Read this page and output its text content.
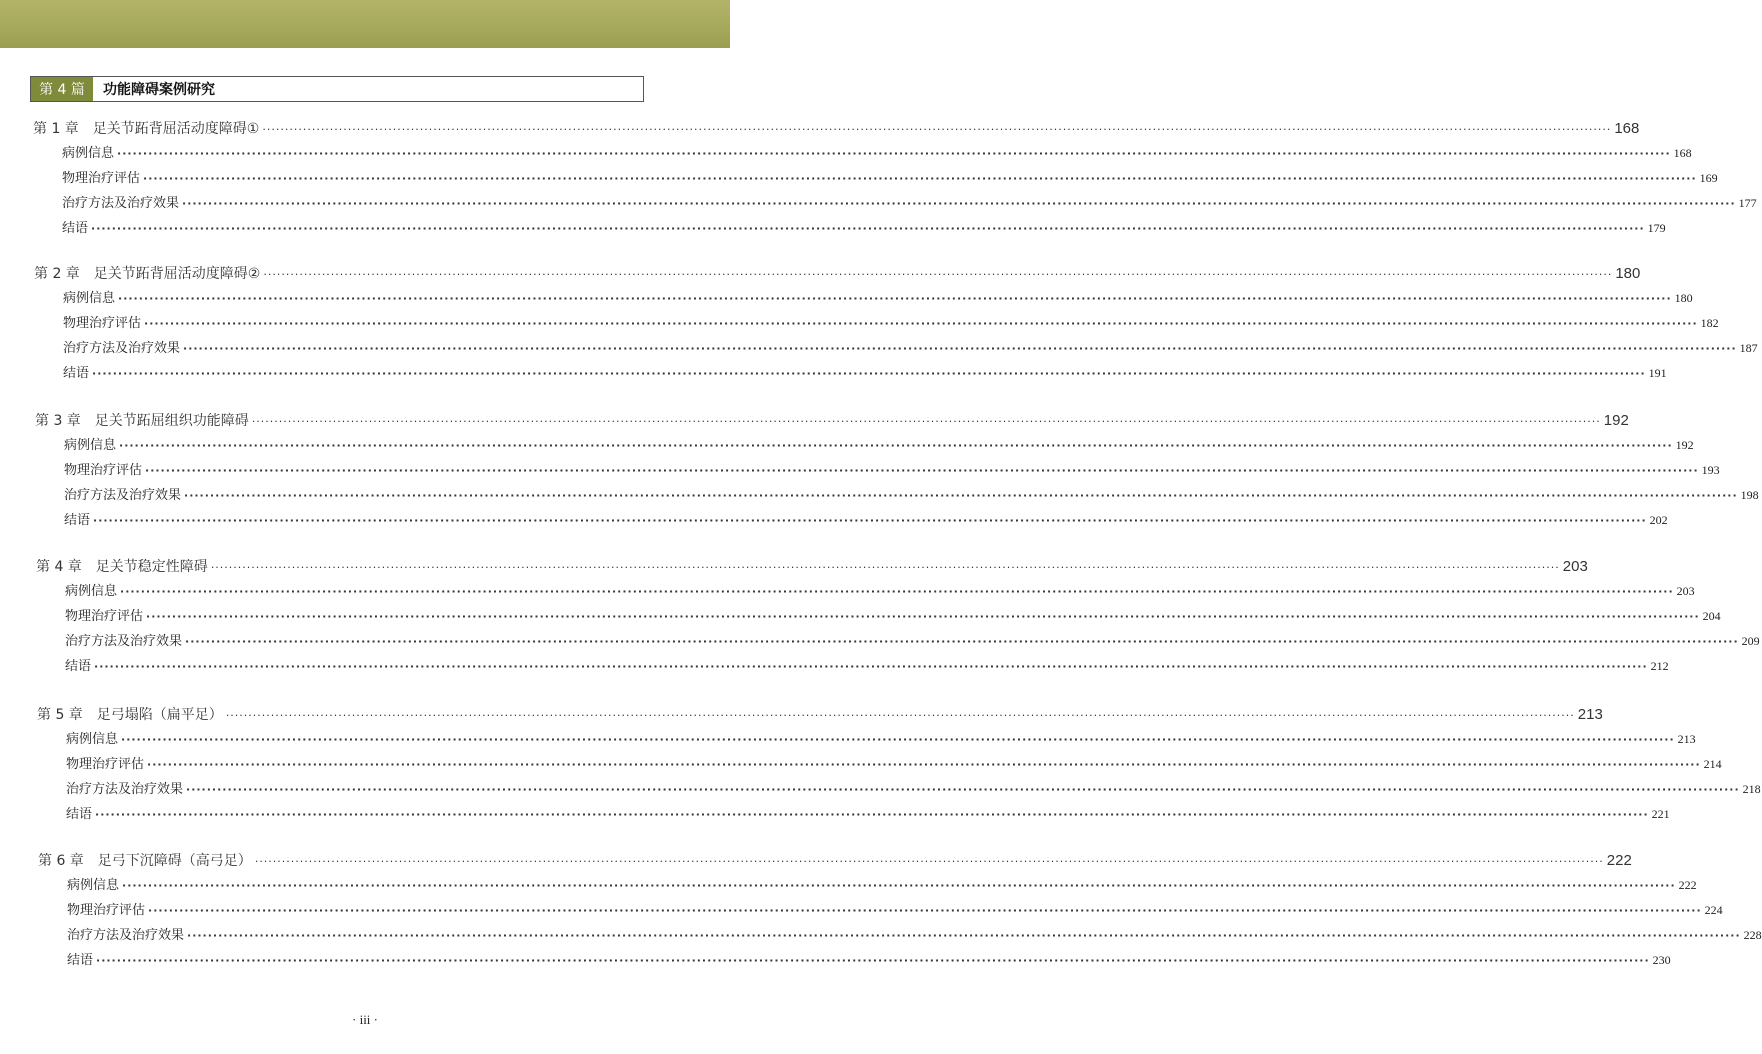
第 4 篇	功能障碍案例研究
第 1 章　足关节跖背屈活动度障碍① ············································································································································································································································································································ 168
病例信息 ············································································································································································································································································································ 168
物理治疗评估 ············································································································································································································································································································ 169
治疗方法及治疗效果 ············································································································································································································································································································ 177
结语 ············································································································································································································································································································ 179
第 2 章　足关节跖背屈活动度障碍② ············································································································································································································································································································ 180
病例信息 ············································································································································································································································································································ 180
物理治疗评估 ············································································································································································································································································································ 182
治疗方法及治疗效果 ············································································································································································································································································································ 187
结语 ············································································································································································································································································································ 191
第 3 章　足关节跖屈组织功能障碍 ············································································································································································································································································································ 192
病例信息 ············································································································································································································································································································ 192
物理治疗评估 ············································································································································································································································································································ 193
治疗方法及治疗效果 ············································································································································································································································································································ 198
结语 ············································································································································································································································································································ 202
第 4 章　足关节稳定性障碍 ············································································································································································································································································································ 203
病例信息 ············································································································································································································································································································ 203
物理治疗评估 ············································································································································································································································································································ 204
治疗方法及治疗效果 ············································································································································································································································································································ 209
结语 ············································································································································································································································································································ 212
第 5 章　足弓塌陷（扁平足） ············································································································································································································································································································ 213
病例信息 ············································································································································································································································································································ 213
物理治疗评估 ············································································································································································································································································································ 214
治疗方法及治疗效果 ············································································································································································································································································································ 218
结语 ············································································································································································································································································································ 221
第 6 章　足弓下沉障碍（高弓足） ············································································································································································································································································································ 222
病例信息 ············································································································································································································································································································ 222
物理治疗评估 ············································································································································································································································································································ 224
治疗方法及治疗效果 ············································································································································································································································································································ 228
结语 ············································································································································································································································································································ 230
· iii ·
